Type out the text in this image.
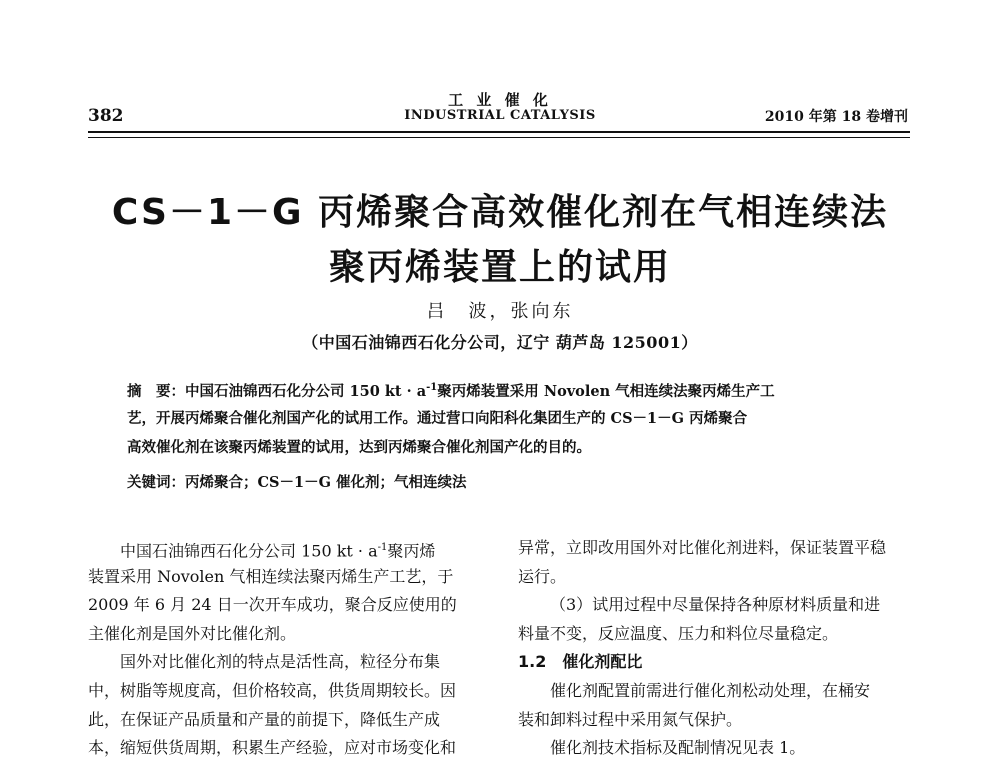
382
工 业 催 化
INDUSTRIAL CATALYSIS	2010 年第 18 卷增刊
CS－1－G 丙烯聚合高效催化剂在气相连续法
聚丙烯装置上的试用
吕　波，张向东
（中国石油锦西石化分公司，辽宁 葫芦岛 125001）
摘　要：中国石油锦西石化分公司 150 kt · $a^{-1}$聚丙烯装置采用 Novolen 气相连续法聚丙烯生产工
艺，开展丙烯聚合催化剂国产化的试用工作。通过营口向阳科化集团生产的 CS－1－G 丙烯聚合
高效催化剂在该聚丙烯装置的试用，达到丙烯聚合催化剂国产化的目的。
关键词：丙烯聚合；CS－1－G 催化剂；气相连续法
中国石油锦西石化分公司 150 kt · $a^{-1}$聚丙烯
装置采用 Novolen 气相连续法聚丙烯生产工艺，于
2009 年 6 月 24 日一次开车成功，聚合反应使用的
主催化剂是国外对比催化剂。
国外对比催化剂的特点是活性高，粒径分布集
中，树脂等规度高，但价格较高，供货周期较长。因
此，在保证产品质量和产量的前提下，降低生产成
本，缩短供货周期，积累生产经验，应对市场变化和
异常，立即改用国外对比催化剂进料，保证装置平稳
运行。
（3）试用过程中尽量保持各种原材料质量和进
料量不变，反应温度、压力和料位尽量稳定。
1.2　催化剂配比
催化剂配置前需进行催化剂松动处理，在桶安
装和卸料过程中采用氮气保护。
催化剂技术指标及配制情况见表 1。
